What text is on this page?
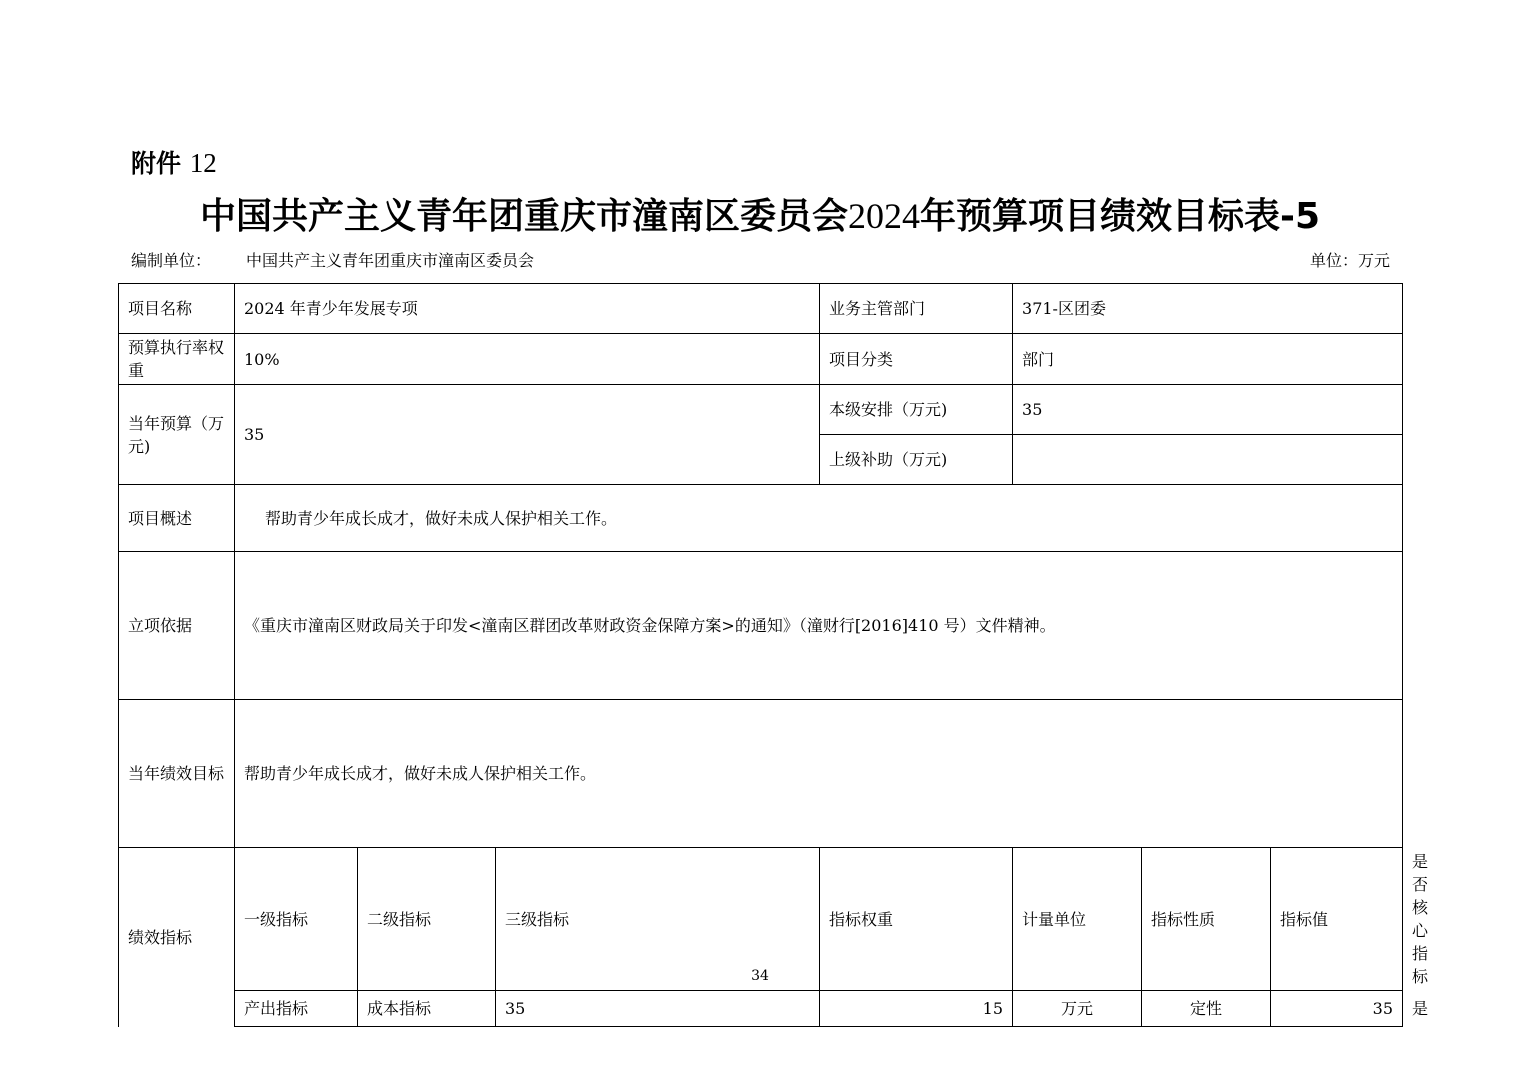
附件 12
中国共产主义青年团重庆市潼南区委员会2024年预算项目绩效目标表-5
编制单位： 中国共产主义青年团重庆市潼南区委员会	单位：万元
项目名称	2024 年青少年发展专项			业务主管部门	371-区团委			
预算执行率权重	10%			项目分类	部门			
当年预算（万元)	35			本级安排（万元)	35			
				上级补助（万元)				
项目概述	帮助青少年成长成才，做好未成人保护相关工作。							
立项依据	《重庆市潼南区财政局关于印发<潼南区群团改革财政资金保障方案>的通知》（潼财行[2016]410 号）文件精神。							
当年绩效目标	帮助青少年成长成才，做好未成人保护相关工作。							
绩效指标	一级指标	二级指标	三级指标	指标权重	计量单位	指标性质	指标值	是否核心指标
	产出指标	成本指标	35	15	万元	定性	35	是
34
